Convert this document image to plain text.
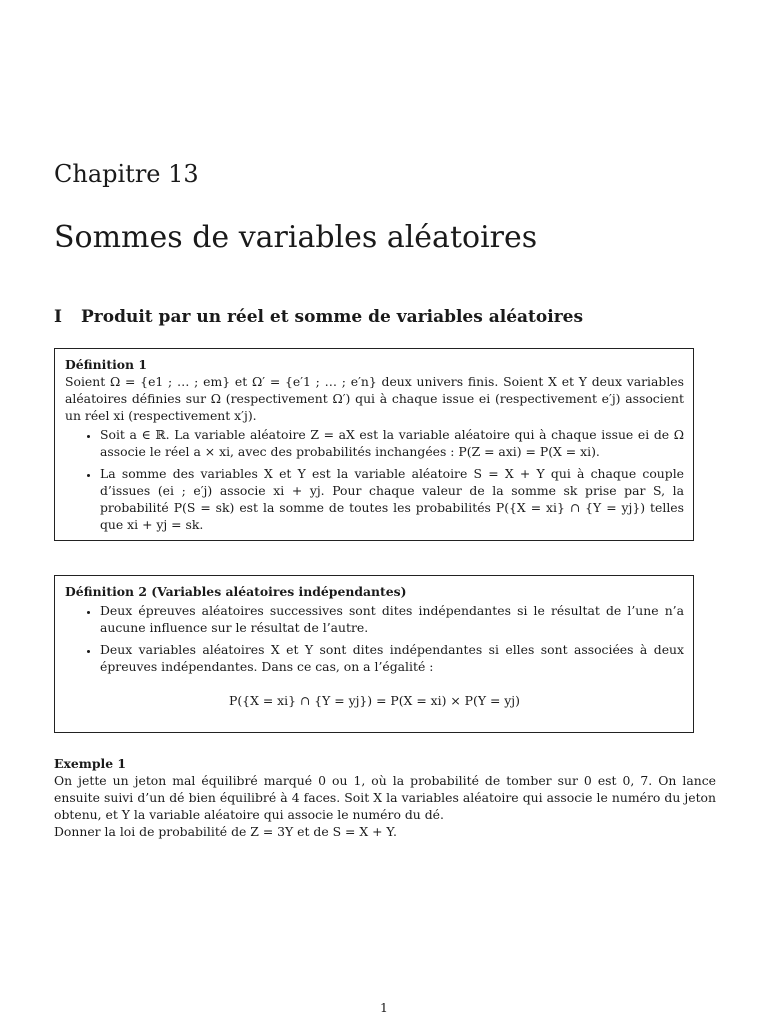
Chapitre 13
Sommes de variables aléatoires
I Produit par un réel et somme de variables aléatoires
Définition 1

Soient Ω = {e1 ; … ; em} et Ω′ = {e′1 ; … ; e′n} deux univers finis. Soient X et Y deux variables aléatoires définies sur Ω (respectivement Ω′) qui à chaque issue ei (respectivement e′j) associent un réel xi (respectivement x′j).

• Soit a ∈ ℝ. La variable aléatoire Z = aX est la variable aléatoire qui à chaque issue ei de Ω associe le réel a × xi, avec des probabilités inchangées : P(Z = axi) = P(X = xi).
• La somme des variables X et Y est la variable aléatoire S = X + Y qui à chaque couple d’issues (ei ; e′j) associe xi + yj. Pour chaque valeur de la somme sk prise par S, la probabilité P(S = sk) est la somme de toutes les probabilités P({X = xi} ∩ {Y = yj}) telles que xi + yj = sk.
Définition 2 (Variables aléatoires indépendantes)
• Deux épreuves aléatoires successives sont dites indépendantes si le résultat de l’une n’a aucune influence sur le résultat de l’autre.
• Deux variables aléatoires X et Y sont dites indépendantes si elles sont associées à deux épreuves indépendantes. Dans ce cas, on a l’égalité :
P({X = xi} ∩ {Y = yj}) = P(X = xi) × P(Y = yj)
Exemple 1

On jette un jeton mal équilibré marqué 0 ou 1, où la probabilité de tomber sur 0 est 0, 7. On lance ensuite suivi d’un dé bien équilibré à 4 faces. Soit X la variables aléatoire qui associe le numéro du jeton obtenu, et Y la variable aléatoire qui associe le numéro du dé.

Donner la loi de probabilité de Z = 3Y et de S = X + Y.

1
